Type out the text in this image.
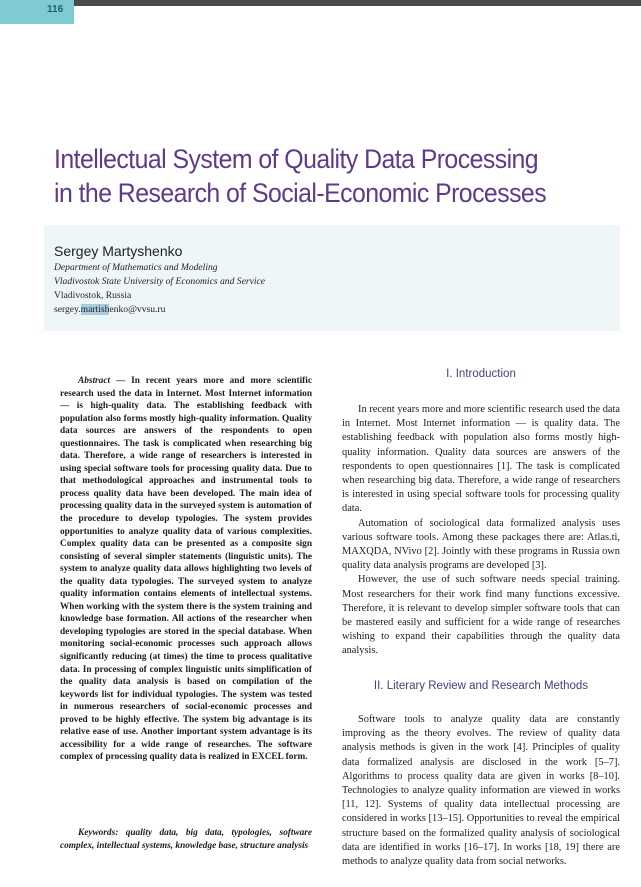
116
Intellectual System of Quality Data Processing
in the Research of Social-Economic Processes
Sergey Martyshenko
Department of Mathematics and Modeling
Vladivostok State University of Economics and Service
Vladivostok, Russia
sergey.martishenko@vvsu.ru
Abstract — In recent years more and more scientific research used the data in Internet. Most Internet information — is high-quality data. The establishing feedback with population also forms mostly high-quality information. Quality data sources are answers of the respondents to open questionnaires. The task is complicated when researching big data. Therefore, a wide range of researchers is interested in using special software tools for processing quality data. Due to that methodological approaches and instrumental tools to process quality data have been developed. The main idea of processing quality data in the surveyed system is automation of the procedure to develop typologies. The system provides opportunities to analyze quality data of various complexities. Complex quality data can be presented as a composite sign consisting of several simpler statements (linguistic units). The system to analyze quality data allows highlighting two levels of the quality data typologies. The surveyed system to analyze quality information contains elements of intellectual systems. When working with the system there is the system training and knowledge base formation. All actions of the researcher when developing typologies are stored in the special database. When monitoring social-economic processes such approach allows significantly reducing (at times) the time to process qualitative data. In processing of complex linguistic units simplification of the quality data analysis is based on compilation of the keywords list for individual typologies. The system was tested in numerous researchers of social-economic processes and proved to be highly effective. The system big advantage is its relative ease of use. Another important system advantage is its accessibility for a wide range of researches. The software complex of processing quality data is realized in EXCEL form.
Keywords: quality data, big data, typologies, software complex, intellectual systems, knowledge base, structure analysis
I. Introduction

In recent years more and more scientific research used the data in Internet. Most Internet information — is quality data. The establishing feedback with population also forms mostly high-quality information. Quality data sources are answers of the respondents to open questionnaires [1]. The task is complicated when researching big data. Therefore, a wide range of researchers is interested in using special software tools for processing quality data.

Automation of sociological data formalized analysis uses various software tools. Among these packages there are: Atlas.ti, MAXQDA, NVivo [2]. Jointly with these programs in Russia own quality data analysis programs are developed [3].

However, the use of such software needs special training. Most researchers for their work find many functions excessive. Therefore, it is relevant to develop simpler software tools that can be mastered easily and sufficient for a wide range of researches wishing to expand their capabilities through the quality data analysis.

II. Literary Review and Research Methods

Software tools to analyze quality data are constantly improving as the theory evolves. The review of quality data analysis methods is given in the work [4]. Principles of quality data formalized analysis are disclosed in the work [5–7]. Algorithms to process quality data are given in works [8–10]. Technologies to analyze quality information are viewed in works [11, 12]. Systems of quality data intellectual processing are considered in works [13–15]. Opportunities to reveal the empirical structure based on the formalized quality analysis of sociological data are identified in works [16–17]. In works [18, 19] there are methods to analyze quality data from social networks.
